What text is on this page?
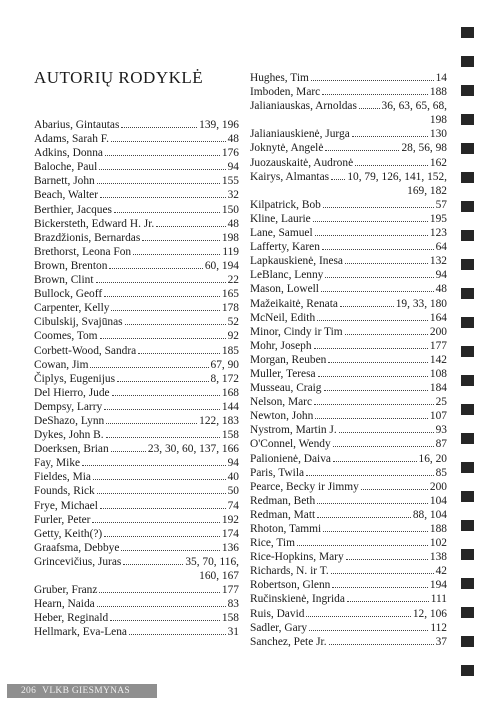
AUTORIŲ RODYKLĖ
Abarius, Gintautas	139, 196
Adams, Sarah F.	48
Adkins, Donna	176
Baloche, Paul	94
Barnett, John	155
Beach, Walter	32
Berthier, Jacques	150
Bickersteth, Edward H. Jr.	48
Brazdžionis, Bernardas	198
Brethorst, Leona Fon	119
Brown, Brenton	60, 194
Brown, Clint	22
Bullock, Geoff	165
Carpenter, Kelly	178
Cibulskij, Svajūnas	52
Coomes, Tom	92
Corbett-Wood, Sandra	185
Cowan, Jim	67, 90
Čiplys, Eugenijus	8, 172
Del Hierro, Jude	168
Dempsy, Larry	144
DeShazo, Lynn	122, 183
Dykes, John B.	158
Doerksen, Brian	23, 30, 60, 137, 166
Fay, Mike	94
Fieldes, Mia	40
Founds, Rick	50
Frye, Michael	74
Furler, Peter	192
Getty, Keith(?)	174
Graafsma, Debbye	136
Grincevičius, Juras	35, 70, 116,
160, 167
Gruber, Franz	177
Hearn, Naida	83
Heber, Reginald	158
Hellmark, Eva-Lena	31
Hughes, Tim	14
Imboden, Marc	188
Jalianiauskas, Arnoldas 36, 63, 65, 68,
198
Jalianiauskienė, Jurga	130
Joknytė, Angelė	28, 56, 98
Juozauskaitė, Audronė	162
Kairys, Almantas 10, 79, 126, 141, 152,
169, 182
Kilpatrick, Bob	57
Kline, Laurie	195
Lane, Samuel	123
Lafferty, Karen	64
Lapkauskienė, Inesa	132
LeBlanc, Lenny	94
Mason, Lowell	48
Mažeikaitė, Renata	19, 33, 180
McNeil, Edith	164
Minor, Cindy ir Tim	200
Mohr, Joseph	177
Morgan, Reuben	142
Muller, Teresa	108
Musseau, Craig	184
Nelson, Marc	25
Newton, John	107
Nystrom, Martin J.	93
O'Connel, Wendy	87
Palionienė, Daiva	16, 20
Paris, Twila	85
Pearce, Becky ir Jimmy	200
Redman, Beth	104
Redman, Matt	88, 104
Rhoton, Tammi	188
Rice, Tim	102
Rice-Hopkins, Mary	138
Richards, N. ir T.	42
Robertson, Glenn	194
Ručinskienė, Ingrida	111
Ruis, David	12, 106
Sadler, Gary	112
Sanchez, Pete Jr.	37
206 VLKB GIESMYNAS
